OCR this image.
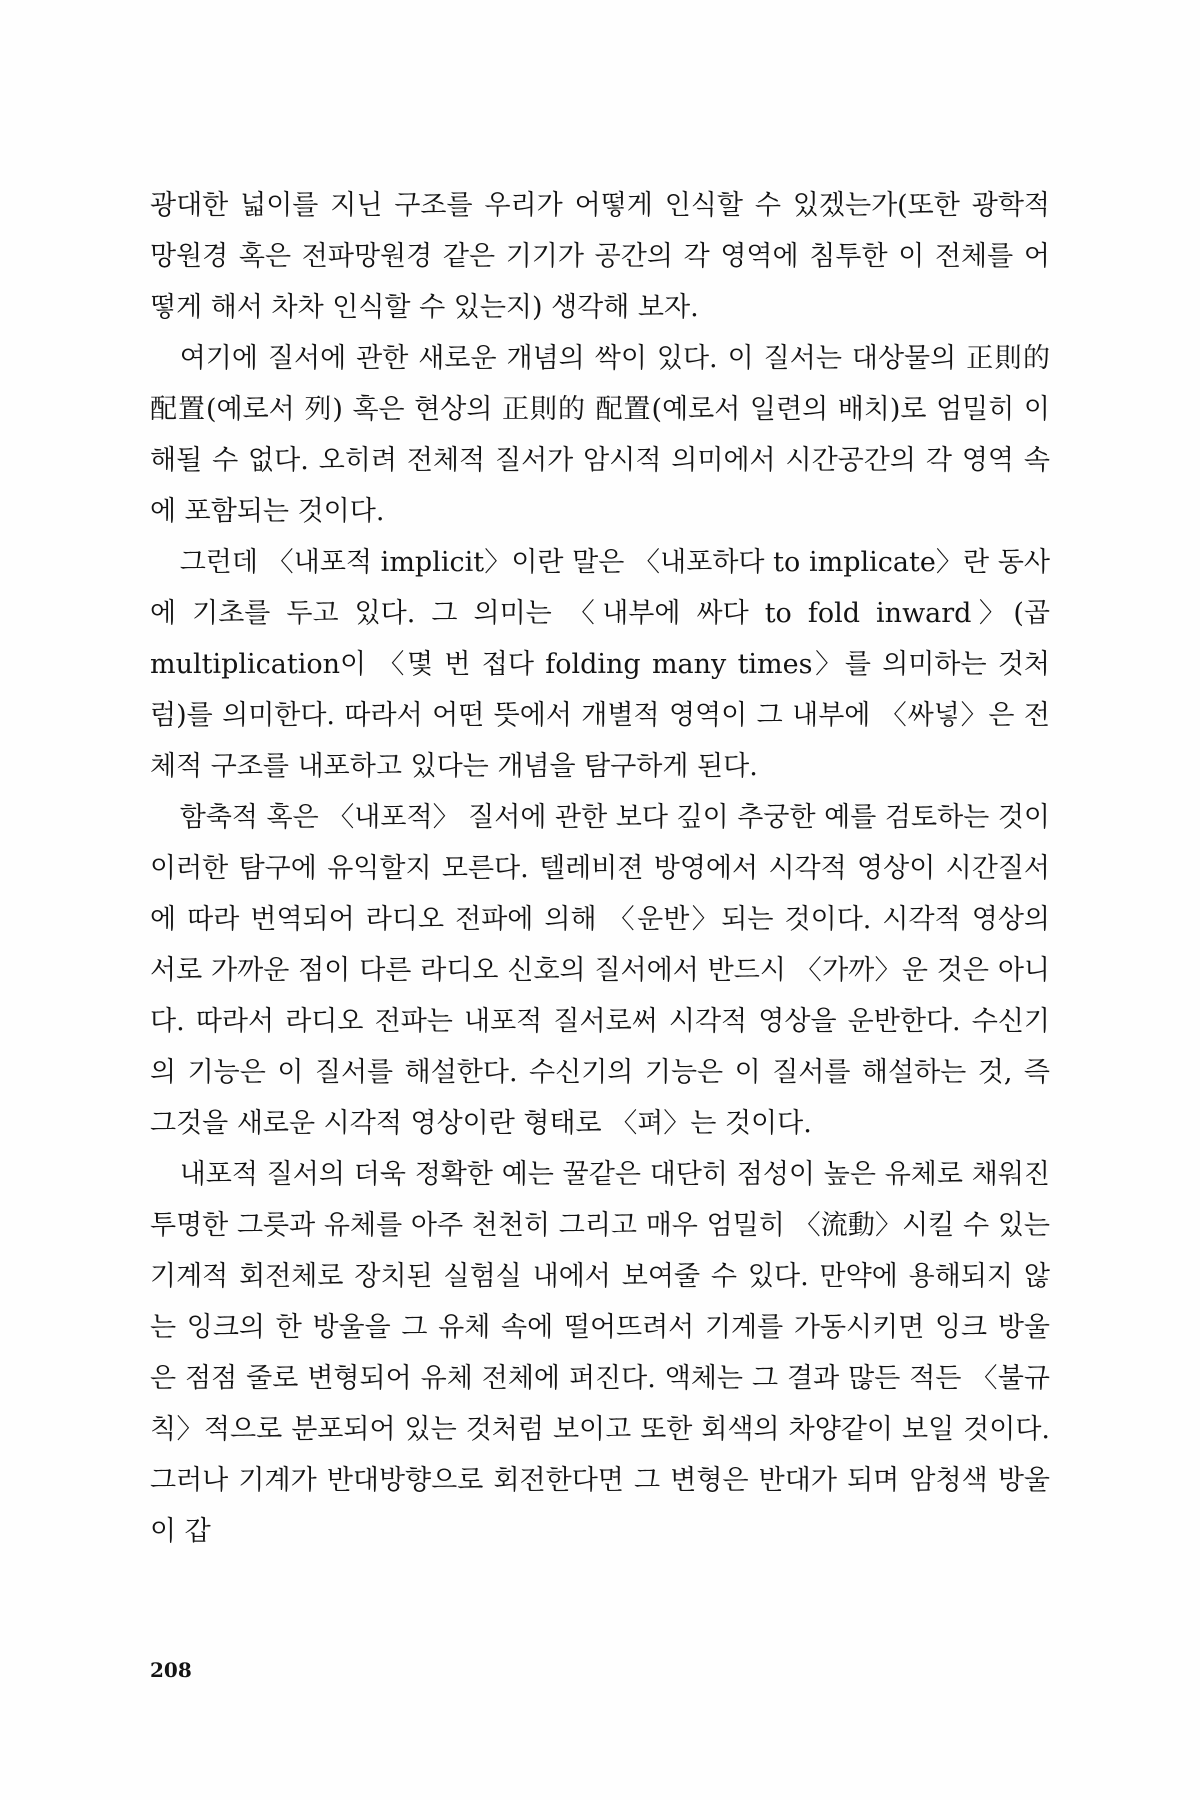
광대한 넓이를 지닌 구조를 우리가 어떻게 인식할 수 있겠는가(또한 광학적 망원경 혹은 전파망원경 같은 기기가 공간의 각 영역에 침투한 이 전체를 어떻게 해서 차차 인식할 수 있는지) 생각해 보자.

여기에 질서에 관한 새로운 개념의 싹이 있다. 이 질서는 대상물의 正則的 配置(예로서 列) 혹은 현상의 正則的 配置(예로서 일련의 배치)로 엄밀히 이해될 수 없다. 오히려 전체적 질서가 암시적 의미에서 시간공간의 각 영역 속에 포함되는 것이다.

그런데 〈내포적 implicit〉이란 말은 〈내포하다 to implicate〉란 동사에 기초를 두고 있다. 그 의미는 〈내부에 싸다 to fold inward〉(곱 multiplication이 〈몇 번 접다 folding many times〉를 의미하는 것처럼)를 의미한다. 따라서 어떤 뜻에서 개별적 영역이 그 내부에 〈싸넣〉은 전체적 구조를 내포하고 있다는 개념을 탐구하게 된다.

함축적 혹은 〈내포적〉 질서에 관한 보다 깊이 추궁한 예를 검토하는 것이 이러한 탐구에 유익할지 모른다. 텔레비젼 방영에서 시각적 영상이 시간질서에 따라 번역되어 라디오 전파에 의해 〈운반〉되는 것이다. 시각적 영상의 서로 가까운 점이 다른 라디오 신호의 질서에서 반드시 〈가까〉운 것은 아니다. 따라서 라디오 전파는 내포적 질서로써 시각적 영상을 운반한다. 수신기의 기능은 이 질서를 해설한다. 수신기의 기능은 이 질서를 해설하는 것, 즉 그것을 새로운 시각적 영상이란 형태로 〈펴〉는 것이다.

내포적 질서의 더욱 정확한 예는 꿀같은 대단히 점성이 높은 유체로 채워진 투명한 그릇과 유체를 아주 천천히 그리고 매우 엄밀히 〈流動〉시킬 수 있는 기계적 회전체로 장치된 실험실 내에서 보여줄 수 있다. 만약에 용해되지 않는 잉크의 한 방울을 그 유체 속에 떨어뜨려서 기계를 가동시키면 잉크 방울은 점점 줄로 변형되어 유체 전체에 퍼진다. 액체는 그 결과 많든 적든 〈불규칙〉적으로 분포되어 있는 것처럼 보이고 또한 회색의 차양같이 보일 것이다. 그러나 기계가 반대방향으로 회전한다면 그 변형은 반대가 되며 암청색 방울이 갑

208
